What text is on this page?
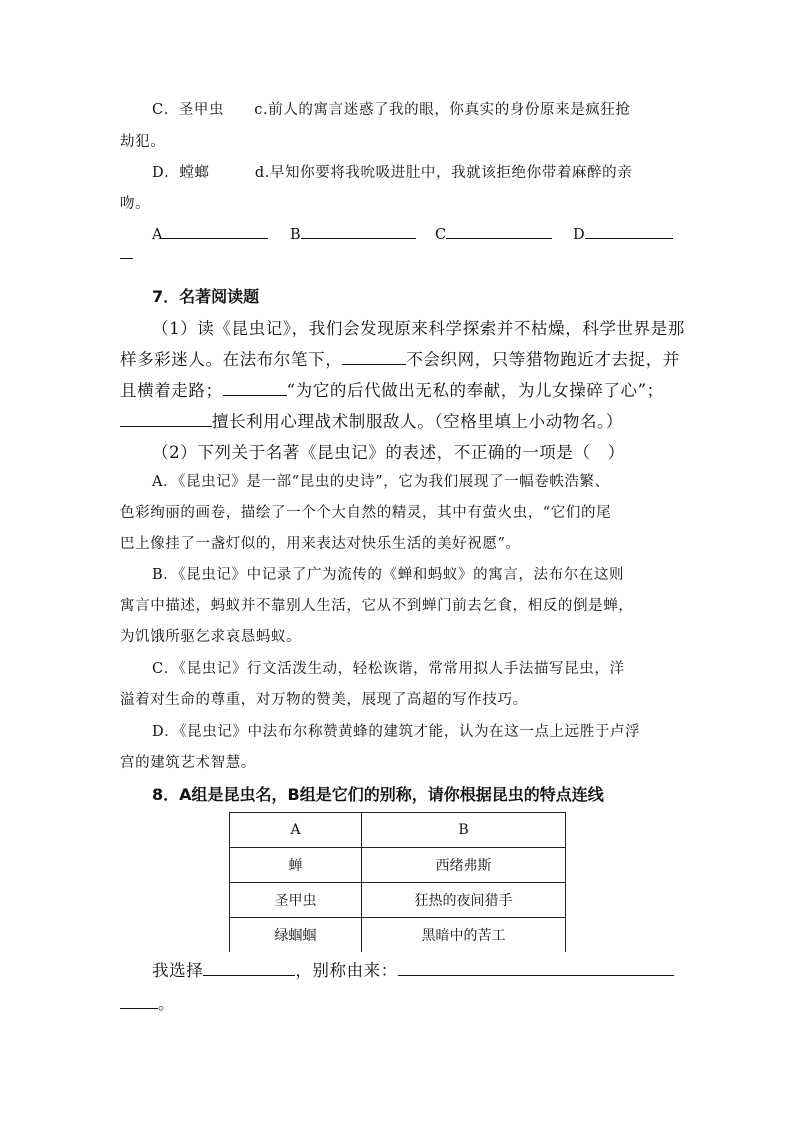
C．圣甲虫　　c.前人的寓言迷惑了我的眼，你真实的身份原来是疯狂抢
劫犯。
D．螳螂　　　d.早知你要将我吮吸进肚中，我就该拒绝你带着麻醉的亲
吻。
A	B	C	D
7．名著阅读题
（1）读《昆虫记》，我们会发现原来科学探索并不枯燥，科学世界是那
样多彩迷人。在法布尔笔下，	不会织网，只等猎物跑近才去捉，并
且横着走路；	“为它的后代做出无私的奉献，为儿女操碎了心”；
擅长利用心理战术制服敌人。（空格里填上小动物名。）
（2）下列关于名著《昆虫记》的表述，不正确的一项是（　）
A．《昆虫记》是一部“昆虫的史诗”，它为我们展现了一幅卷帙浩繁、
色彩绚丽的画卷，描绘了一个个大自然的精灵，其中有萤火虫，“它们的尾
巴上像挂了一盏灯似的，用来表达对快乐生活的美好祝愿”。
B．《昆虫记》中记录了广为流传的《蝉和蚂蚁》的寓言，法布尔在这则
寓言中描述，蚂蚁并不靠别人生活，它从不到蝉门前去乞食，相反的倒是蝉，
为饥饿所驱乞求哀恳蚂蚁。
C．《昆虫记》行文活泼生动，轻松诙谐，常常用拟人手法描写昆虫，洋
溢着对生命的尊重，对万物的赞美，展现了高超的写作技巧。
D．《昆虫记》中法布尔称赞黄蜂的建筑才能，认为在这一点上远胜于卢浮
宫的建筑艺术智慧。
8．A组是昆虫名，B组是它们的别称，请你根据昆虫的特点连线
A	B
蝉	西绪弗斯
圣甲虫	狂热的夜间猎手
绿蝈蝈	黑暗中的苦工
我选择	，别称由来：
。
